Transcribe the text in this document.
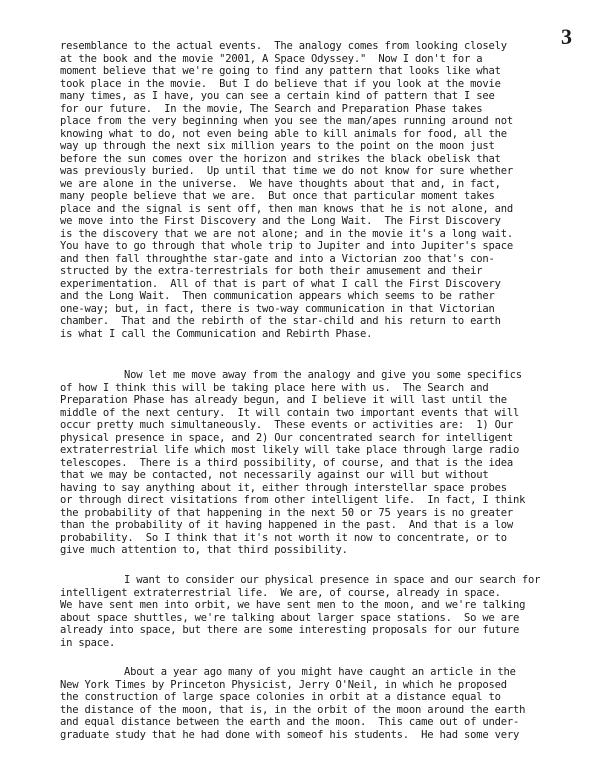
3
resemblance to the actual events.  The analogy comes from looking closely
at the book and the movie "2001, A Space Odyssey."  Now I don't for a
moment believe that we're going to find any pattern that looks like what
took place in the movie.  But I do believe that if you look at the movie
many times, as I have, you can see a certain kind of pattern that I see
for our future.  In the movie, The Search and Preparation Phase takes
place from the very beginning when you see the man/apes running around not
knowing what to do, not even being able to kill animals for food, all the
way up through the next six million years to the point on the moon just
before the sun comes over the horizon and strikes the black obelisk that
was previously buried.  Up until that time we do not know for sure whether
we are alone in the universe.  We have thoughts about that and, in fact,
many people believe that we are.  But once that particular moment takes
place and the signal is sent off, then man knows that he is not alone, and
we move into the First Discovery and the Long Wait.  The First Discovery
is the discovery that we are not alone; and in the movie it's a long wait.
You have to go through that whole trip to Jupiter and into Jupiter's space
and then fall throughthe star-gate and into a Victorian zoo that's con-
structed by the extra-terrestrials for both their amusement and their
experimentation.  All of that is part of what I call the First Discovery
and the Long Wait.  Then communication appears which seems to be rather
one-way; but, in fact, there is two-way communication in that Victorian
chamber.  That and the rebirth of the star-child and his return to earth
is what I call the Communication and Rebirth Phase.
Now let me move away from the analogy and give you some specifics
of how I think this will be taking place here with us.  The Search and
Preparation Phase has already begun, and I believe it will last until the
middle of the next century.  It will contain two important events that will
occur pretty much simultaneously.  These events or activities are:  1) Our
physical presence in space, and 2) Our concentrated search for intelligent
extraterrestrial life which most likely will take place through large radio
telescopes.  There is a third possibility, of course, and that is the idea
that we may be contacted, not necessarily against our will but without
having to say anything about it, either through interstellar space probes
or through direct visitations from other intelligent life.  In fact, I think
the probability of that happening in the next 50 or 75 years is no greater
than the probability of it having happened in the past.  And that is a low
probability.  So I think that it's not worth it now to concentrate, or to
give much attention to, that third possibility.
I want to consider our physical presence in space and our search for
intelligent extraterrestrial life.  We are, of course, already in space.
We have sent men into orbit, we have sent men to the moon, and we're talking
about space shuttles, we're talking about larger space stations.  So we are
already into space, but there are some interesting proposals for our future
in space.
About a year ago many of you might have caught an article in the
New York Times by Princeton Physicist, Jerry O'Neil, in which he proposed
the construction of large space colonies in orbit at a distance equal to
the distance of the moon, that is, in the orbit of the moon around the earth
and equal distance between the earth and the moon.  This came out of under-
graduate study that he had done with someof his students.  He had some very
